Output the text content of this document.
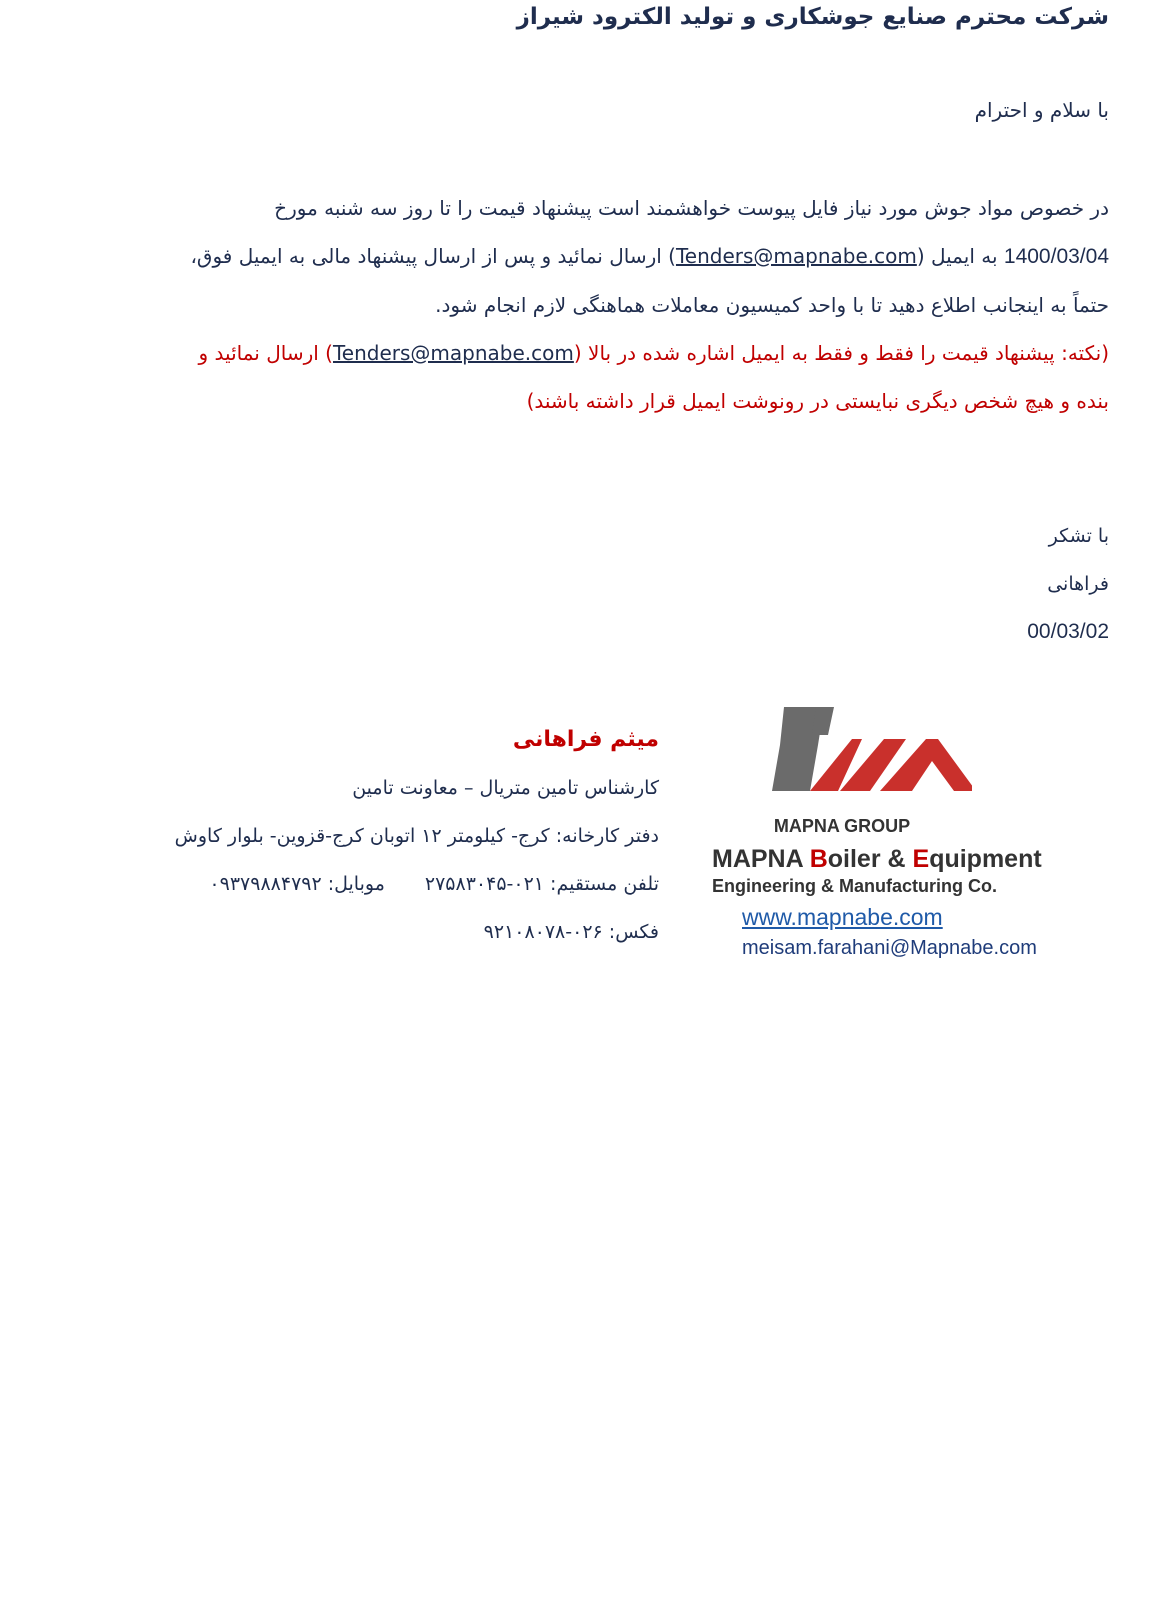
شرکت محترم صنایع جوشکاری و تولید الکترود شیراز
با سلام و احترام
در خصوص مواد جوش مورد نیاز فایل پیوست خواهشمند است پیشنهاد قیمت را تا روز سه شنبه مورخ
1400/03/04 به ایمیل (Tenders@mapnabe.com) ارسال نمائید و پس از ارسال پیشنهاد مالی به ایمیل فوق،
حتماً به اینجانب اطلاع دهید تا با واحد کمیسیون معاملات هماهنگی لازم انجام شود.
(نکته: پیشنهاد قیمت را فقط و فقط به ایمیل اشاره شده در بالا (Tenders@mapnabe.com) ارسال نمائید و
بنده و هیچ شخص دیگری نبایستی در رونوشت ایمیل قرار داشته باشند)
با تشکر
فراهانی
00/03/02
میثم فراهانی
کارشناس تامین متریال – معاونت تامین
دفتر کارخانه: کرج- کیلومتر ۱۲ اتوبان کرج-قزوین- بلوار کاوش
تلفن مستقیم: ۰۲۱-۲۷۵۸۳۰۴۵موبایل: ۰۹۳۷۹۸۸۴۷۹۲
فکس: ۰۲۶-۹۲۱۰۸۰۷۸
MAPNA GROUP
MAPNA Boiler & Equipment
Engineering & Manufacturing Co.
www.mapnabe.com
meisam.farahani@Mapnabe.com
